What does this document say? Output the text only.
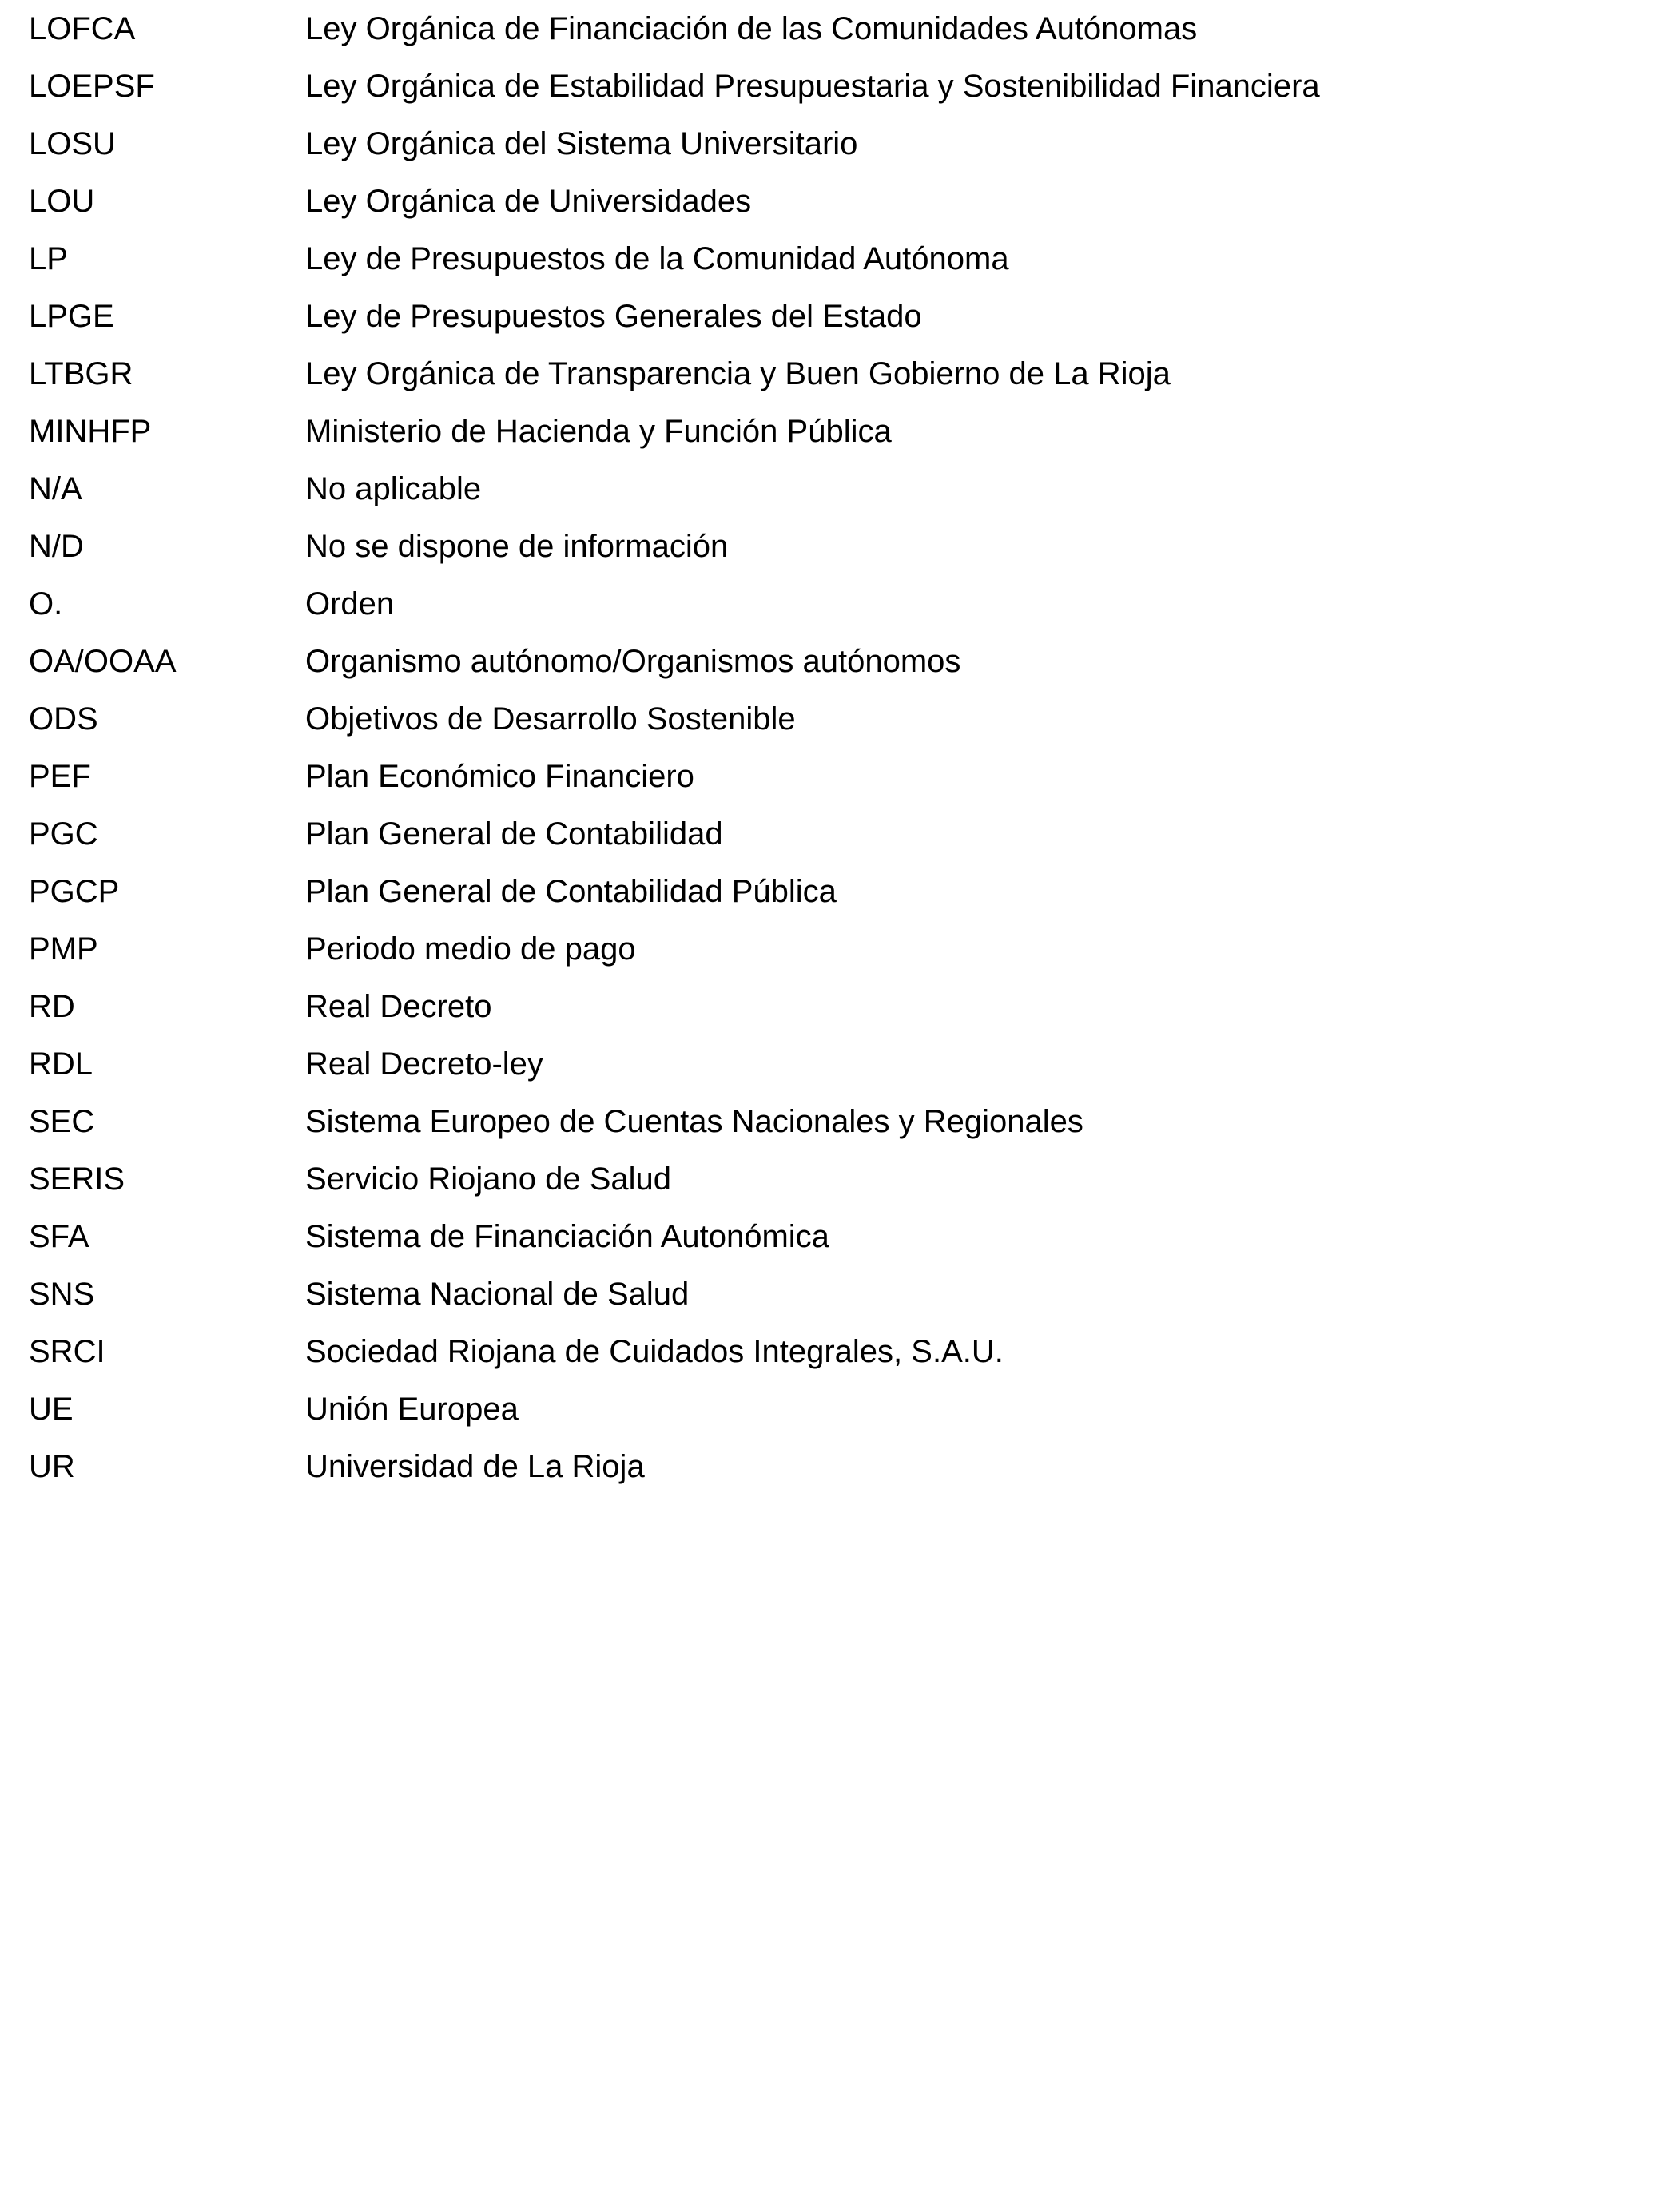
LOFCA	Ley Orgánica de Financiación de las Comunidades Autónomas
LOEPSF	Ley Orgánica de Estabilidad Presupuestaria y Sostenibilidad Financiera
LOSU	Ley Orgánica del Sistema Universitario
LOU	Ley Orgánica de Universidades
LP	Ley de Presupuestos de la Comunidad Autónoma
LPGE	Ley de Presupuestos Generales del Estado
LTBGR	Ley Orgánica de Transparencia y Buen Gobierno de La Rioja
MINHFP	Ministerio de Hacienda y Función Pública
N/A	No aplicable
N/D	No se dispone de información
O.	Orden
OA/OOAA	Organismo autónomo/Organismos autónomos
ODS	Objetivos de Desarrollo Sostenible
PEF	Plan Económico Financiero
PGC	Plan General de Contabilidad
PGCP	Plan General de Contabilidad Pública
PMP	Periodo medio de pago
RD	Real Decreto
RDL	Real Decreto-ley
SEC	Sistema Europeo de Cuentas Nacionales y Regionales
SERIS	Servicio Riojano de Salud
SFA	Sistema de Financiación Autonómica
SNS	Sistema Nacional de Salud
SRCI	Sociedad Riojana de Cuidados Integrales, S.A.U.
UE	Unión Europea
UR	Universidad de La Rioja
